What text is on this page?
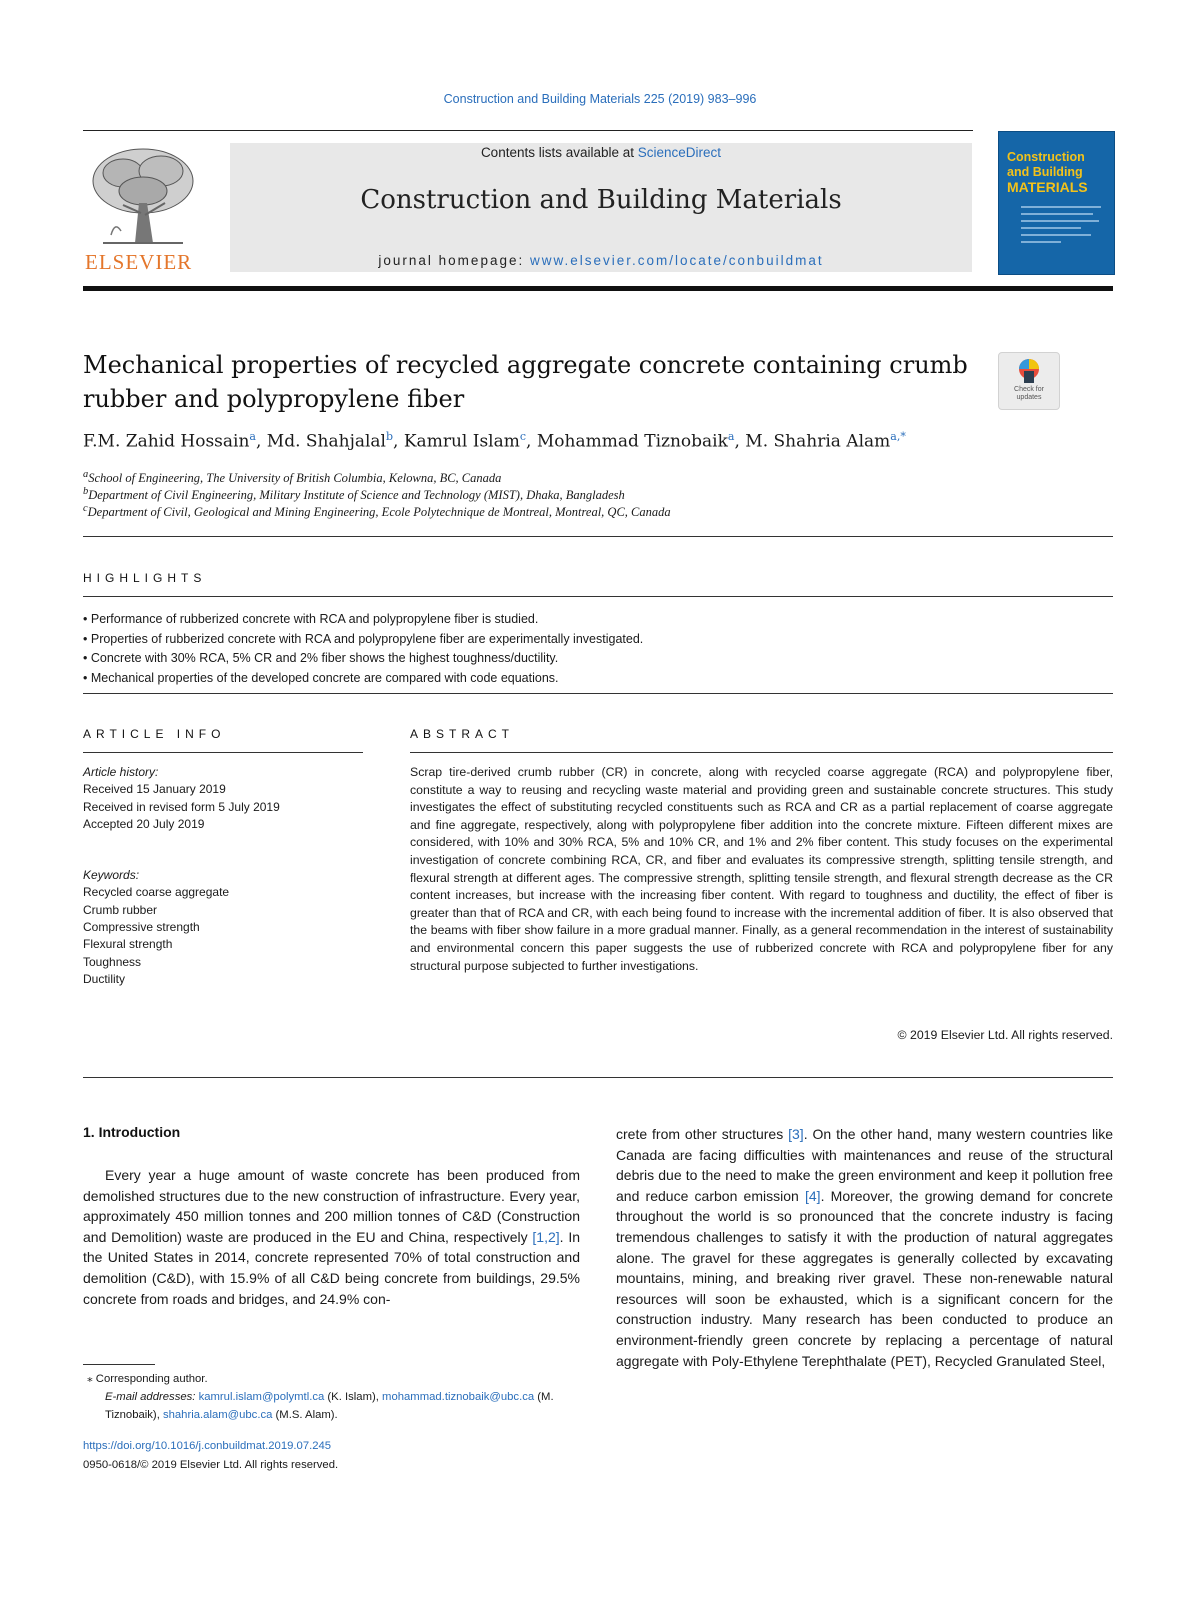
Construction and Building Materials 225 (2019) 983–996
ELSEVIER
Contents lists available at ScienceDirect
Construction and Building Materials
journal homepage: www.elsevier.com/locate/conbuildmat
Construction
and Building
MATERIALS
Mechanical properties of recycled aggregate concrete containing crumb
rubber and polypropylene fiber	Check for
updates
F.M. Zahid Hossain$^a$, Md. Shahjalal$^b$, Kamrul Islam$^c$, Mohammad Tiznobaik$^a$, M. Shahria Alam$^{a,*}$
$^a$School of Engineering, The University of British Columbia, Kelowna, BC, Canada
$^b$Department of Civil Engineering, Military Institute of Science and Technology (MIST), Dhaka, Bangladesh
$^c$Department of Civil, Geological and Mining Engineering, Ecole Polytechnique de Montreal, Montreal, QC, Canada
HIGHLIGHTS
• Performance of rubberized concrete with RCA and polypropylene fiber is studied.
• Properties of rubberized concrete with RCA and polypropylene fiber are experimentally investigated.
• Concrete with 30% RCA, 5% CR and 2% fiber shows the highest toughness/ductility.
• Mechanical properties of the developed concrete are compared with code equations.
ARTICLE INFO	ABSTRACT
Article history:
Received 15 January 2019
Received in revised form 5 July 2019
Accepted 20 July 2019
Keywords:
Recycled coarse aggregate
Crumb rubber
Compressive strength
Flexural strength
Toughness
Ductility
Scrap tire-derived crumb rubber (CR) in concrete, along with recycled coarse aggregate (RCA) and polypropylene fiber, constitute a way to reusing and recycling waste material and providing green and sustainable concrete structures. This study investigates the effect of substituting recycled constituents such as RCA and CR as a partial replacement of coarse aggregate and fine aggregate, respectively, along with polypropylene fiber addition into the concrete mixture. Fifteen different mixes are considered, with 10% and 30% RCA, 5% and 10% CR, and 1% and 2% fiber content. This study focuses on the experimental investigation of concrete combining RCA, CR, and fiber and evaluates its compressive strength, splitting tensile strength, and flexural strength at different ages. The compressive strength, splitting tensile strength, and flexural strength decrease as the CR content increases, but increase with the increasing fiber content. With regard to toughness and ductility, the effect of fiber is greater than that of RCA and CR, with each being found to increase with the incremental addition of fiber. It is also observed that the beams with fiber show failure in a more gradual manner. Finally, as a general recommendation in the interest of sustainability and environmental concern this paper suggests the use of rubberized concrete with RCA and polypropylene fiber for any structural purpose subjected to further investigations.
© 2019 Elsevier Ltd. All rights reserved.
1. Introduction
Every year a huge amount of waste concrete has been produced from demolished structures due to the new construction of infrastructure. Every year, approximately 450 million tonnes and 200 million tonnes of C&D (Construction and Demolition) waste are produced in the EU and China, respectively [1,2]. In the United States in 2014, concrete represented 70% of total construction and demolition (C&D), with 15.9% of all C&D being concrete from buildings, 29.5% concrete from roads and bridges, and 24.9% con-
crete from other structures [3]. On the other hand, many western countries like Canada are facing difficulties with maintenances and reuse of the structural debris due to the need to make the green environment and keep it pollution free and reduce carbon emission [4]. Moreover, the growing demand for concrete throughout the world is so pronounced that the concrete industry is facing tremendous challenges to satisfy it with the production of natural aggregates alone. The gravel for these aggregates is generally collected by excavating mountains, mining, and breaking river gravel. These non-renewable natural resources will soon be exhausted, which is a significant concern for the construction industry. Many research has been conducted to produce an environment-friendly green concrete by replacing a percentage of natural aggregate with Poly-Ethylene Terephthalate (PET), Recycled Granulated Steel,
⁎ Corresponding author.
E-mail addresses: kamrul.islam@polymtl.ca (K. Islam), mohammad.tiznobaik@ubc.ca (M. Tiznobaik), shahria.alam@ubc.ca (M.S. Alam).
https://doi.org/10.1016/j.conbuildmat.2019.07.245
0950-0618/© 2019 Elsevier Ltd. All rights reserved.
